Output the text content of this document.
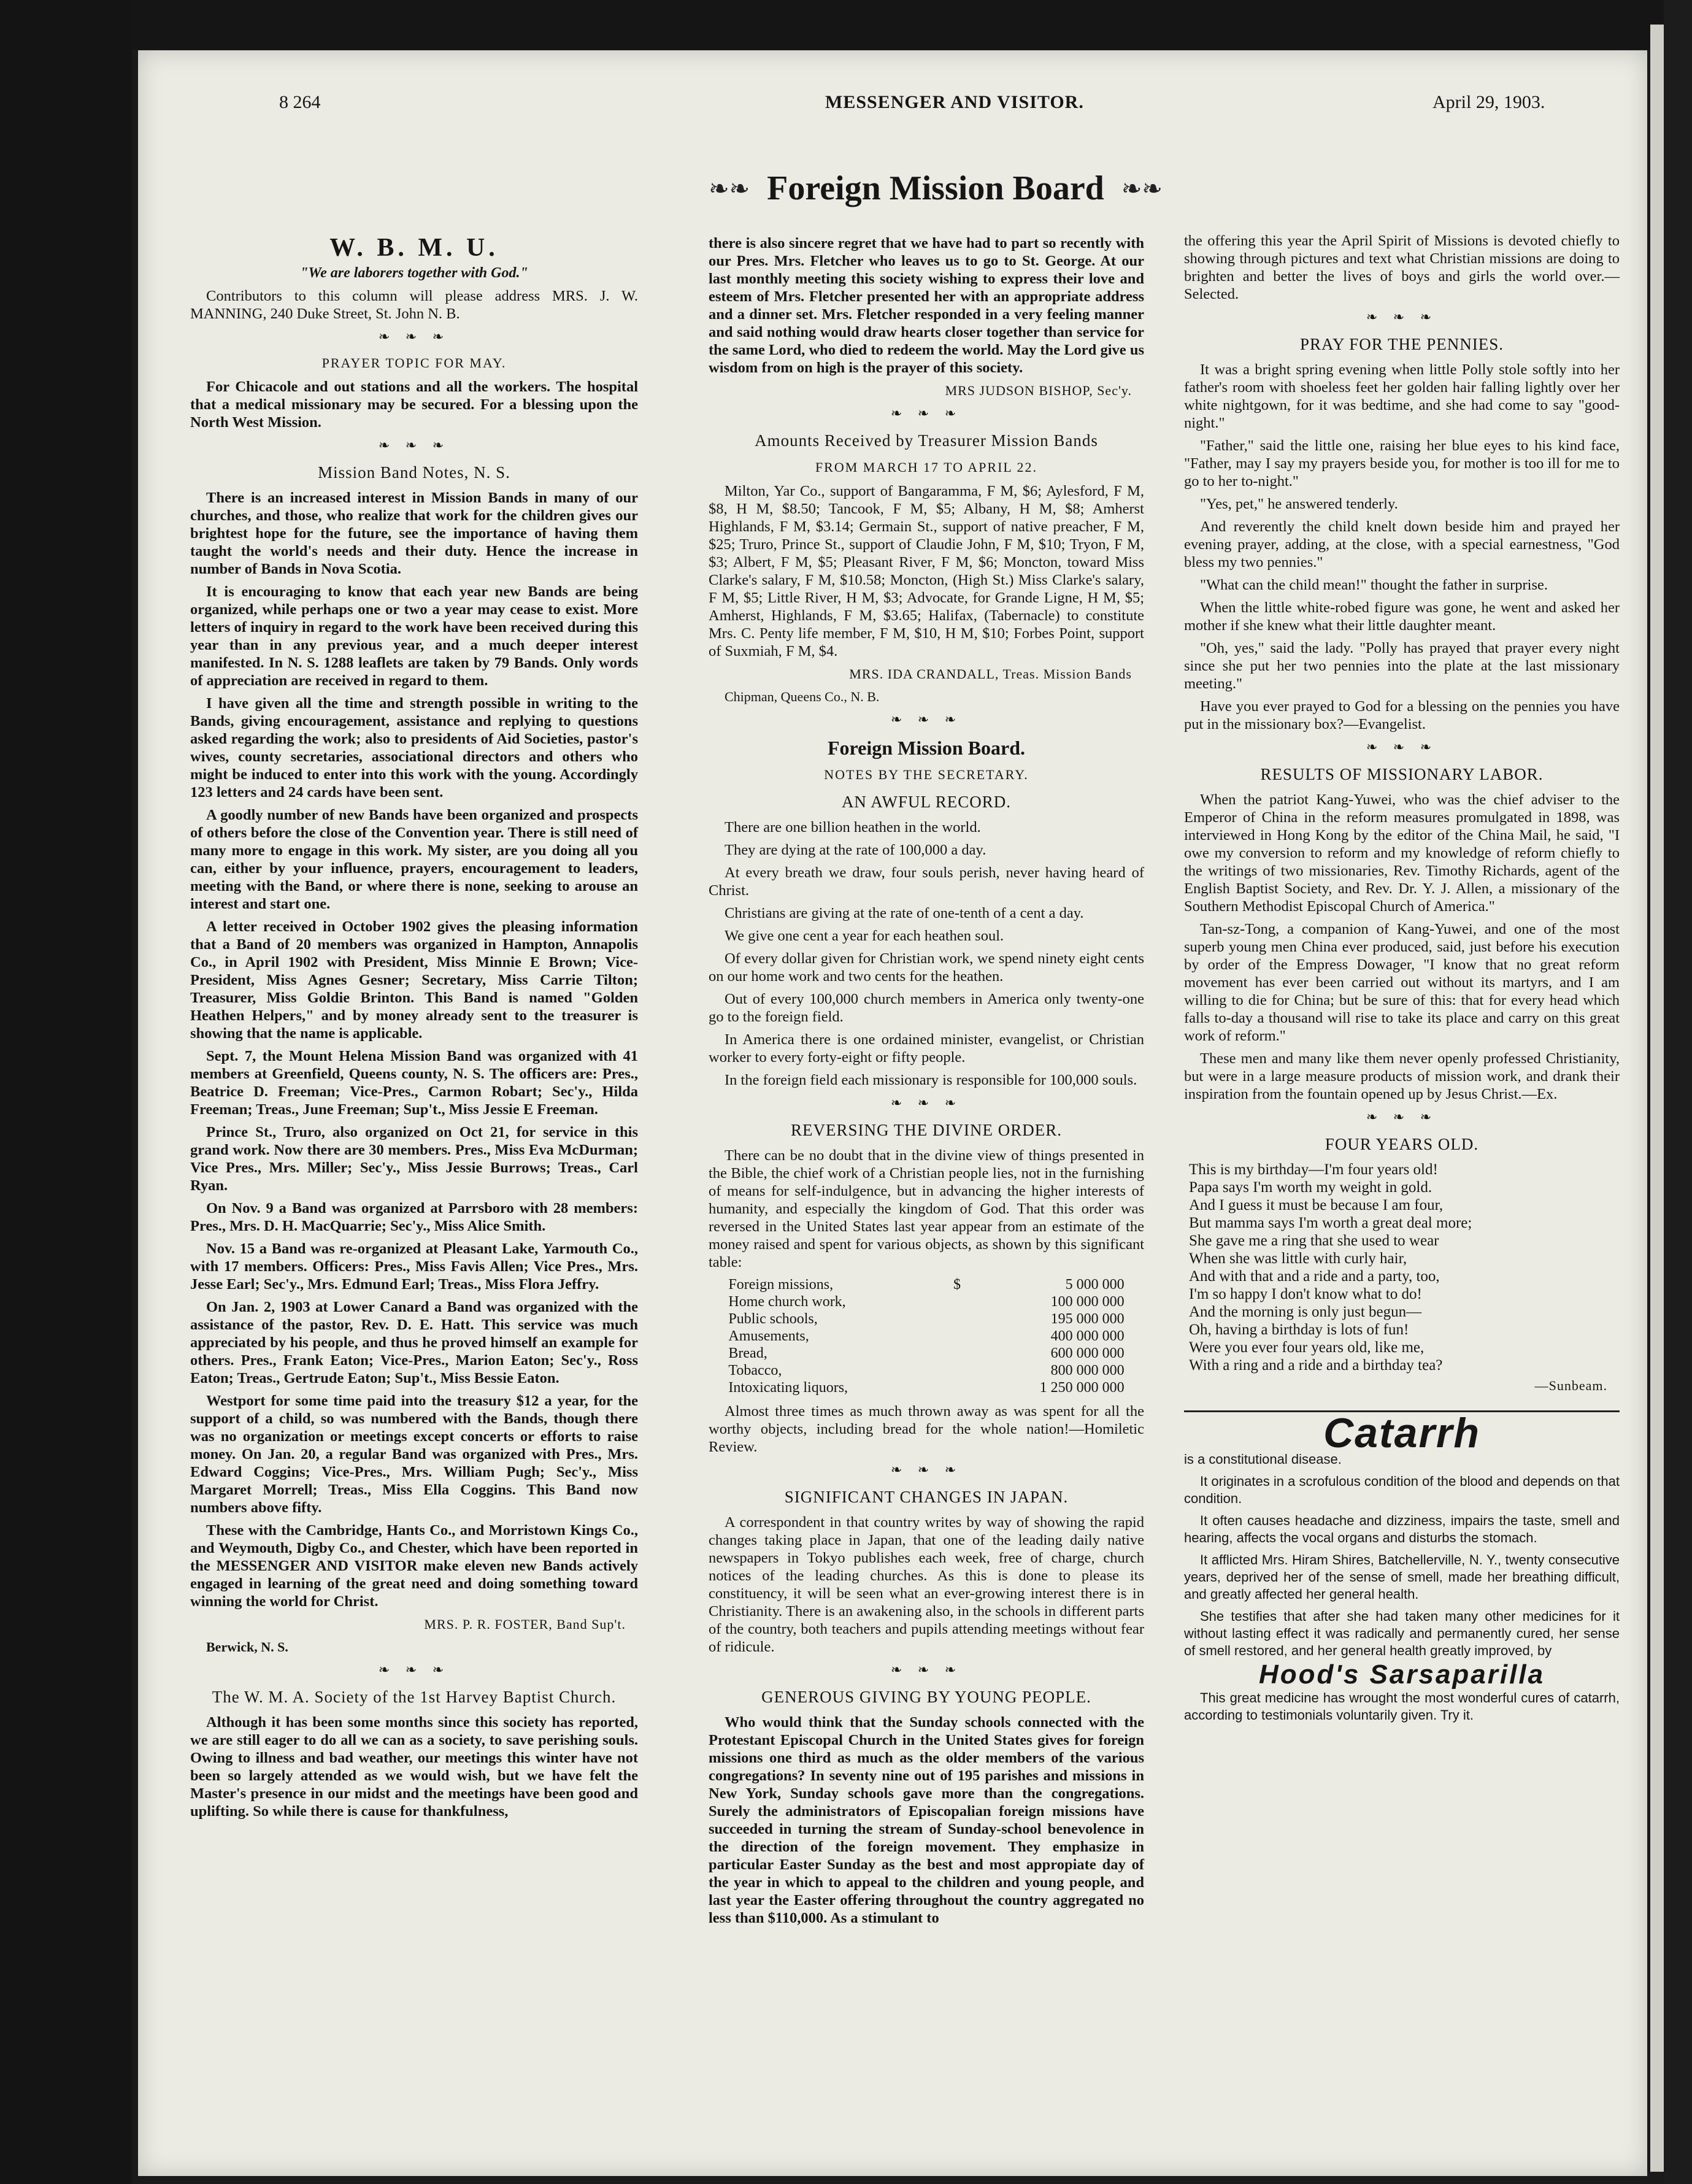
8 264	MESSENGER AND VISITOR.	April 29, 1903.
❧ ❧ Foreign Mission Board ❧ ❧
W. B. M. U.
"We are laborers together with God."

Contributors to this column will please address MRS. J. W. MANNING, 240 Duke Street, St. John N. B.

❧ ❧ ❧
PRAYER TOPIC FOR MAY.

For Chicacole and out stations and all the workers. The hospital that a medical missionary may be secured. For a blessing upon the North West Mission.

❧ ❧ ❧
Mission Band Notes, N. S.

There is an increased interest in Mission Bands in many of our churches, and those, who realize that work for the children gives our brightest hope for the future, see the importance of having them taught the world's needs and their duty. Hence the increase in number of Bands in Nova Scotia.

It is encouraging to know that each year new Bands are being organized, while perhaps one or two a year may cease to exist. More letters of inquiry in regard to the work have been received during this year than in any previous year, and a much deeper interest manifested. In N. S. 1288 leaflets are taken by 79 Bands. Only words of appreciation are received in regard to them.

I have given all the time and strength possible in writing to the Bands, giving encouragement, assistance and replying to questions asked regarding the work; also to presidents of Aid Societies, pastor's wives, county secretaries, associational directors and others who might be induced to enter into this work with the young. Accordingly 123 letters and 24 cards have been sent.

A goodly number of new Bands have been organized and prospects of others before the close of the Convention year. There is still need of many more to engage in this work. My sister, are you doing all you can, either by your influence, prayers, encouragement to leaders, meeting with the Band, or where there is none, seeking to arouse an interest and start one.

A letter received in October 1902 gives the pleasing information that a Band of 20 members was organized in Hampton, Annapolis Co., in April 1902 with President, Miss Minnie E Brown; Vice-President, Miss Agnes Gesner; Secretary, Miss Carrie Tilton; Treasurer, Miss Goldie Brinton. This Band is named "Golden Heathen Helpers," and by money already sent to the treasurer is showing that the name is applicable.

Sept. 7, the Mount Helena Mission Band was organized with 41 members at Greenfield, Queens county, N. S. The officers are: Pres., Beatrice D. Freeman; Vice-Pres., Carmon Robart; Sec'y., Hilda Freeman; Treas., June Freeman; Sup't., Miss Jessie E Freeman.

Prince St., Truro, also organized on Oct 21, for service in this grand work. Now there are 30 members. Pres., Miss Eva McDurman; Vice Pres., Mrs. Miller; Sec'y., Miss Jessie Burrows; Treas., Carl Ryan.

On Nov. 9 a Band was organized at Parrsboro with 28 members: Pres., Mrs. D. H. MacQuarrie; Sec'y., Miss Alice Smith.

Nov. 15 a Band was re-organized at Pleasant Lake, Yarmouth Co., with 17 members. Officers: Pres., Miss Favis Allen; Vice Pres., Mrs. Jesse Earl; Sec'y., Mrs. Edmund Earl; Treas., Miss Flora Jeffry.

On Jan. 2, 1903 at Lower Canard a Band was organized with the assistance of the pastor, Rev. D. E. Hatt. This service was much appreciated by his people, and thus he proved himself an example for others. Pres., Frank Eaton; Vice-Pres., Marion Eaton; Sec'y., Ross Eaton; Treas., Gertrude Eaton; Sup't., Miss Bessie Eaton.

Westport for some time paid into the treasury $12 a year, for the support of a child, so was numbered with the Bands, though there was no organization or meetings except concerts or efforts to raise money. On Jan. 20, a regular Band was organized with Pres., Mrs. Edward Coggins; Vice-Pres., Mrs. William Pugh; Sec'y., Miss Margaret Morrell; Treas., Miss Ella Coggins. This Band now numbers above fifty.

These with the Cambridge, Hants Co., and Morristown Kings Co., and Weymouth, Digby Co., and Chester, which have been reported in the MESSENGER AND VISITOR make eleven new Bands actively engaged in learning of the great need and doing something toward winning the world for Christ.

MRS. P. R. FOSTER, Band Sup't.
Berwick, N. S.
❧ ❧ ❧
The W. M. A. Society of the 1st Harvey Baptist Church.

Although it has been some months since this society has reported, we are still eager to do all we can as a society, to save perishing souls. Owing to illness and bad weather, our meetings this winter have not been so largely attended as we would wish, but we have felt the Master's presence in our midst and the meetings have been good and uplifting. So while there is cause for thankfulness,

there is also sincere regret that we have had to part so recently with our Pres. Mrs. Fletcher who leaves us to go to St. George. At our last monthly meeting this society wishing to express their love and esteem of Mrs. Fletcher presented her with an appropriate address and a dinner set. Mrs. Fletcher responded in a very feeling manner and said nothing would draw hearts closer together than service for the same Lord, who died to redeem the world. May the Lord give us wisdom from on high is the prayer of this society.

MRS JUDSON BISHOP, Sec'y.
❧ ❧ ❧
Amounts Received by Treasurer Mission Bands
FROM MARCH 17 TO APRIL 22.

Milton, Yar Co., support of Bangaramma, F M, $6; Aylesford, F M, $8, H M, $8.50; Tancook, F M, $5; Albany, H M, $8; Amherst Highlands, F M, $3.14; Germain St., support of native preacher, F M, $25; Truro, Prince St., support of Claudie John, F M, $10; Tryon, F M, $3; Albert, F M, $5; Pleasant River, F M, $6; Moncton, toward Miss Clarke's salary, F M, $10.58; Moncton, (High St.) Miss Clarke's salary, F M, $5; Little River, H M, $3; Advocate, for Grande Ligne, H M, $5; Amherst, Highlands, F M, $3.65; Halifax, (Tabernacle) to constitute Mrs. C. Penty life member, F M, $10, H M, $10; Forbes Point, support of Suxmiah, F M, $4.

MRS. IDA CRANDALL, Treas. Mission Bands
Chipman, Queens Co., N. B.
❧ ❧ ❧
Foreign Mission Board.
NOTES BY THE SECRETARY.
AN AWFUL RECORD.

There are one billion heathen in the world.

They are dying at the rate of 100,000 a day.

At every breath we draw, four souls perish, never having heard of Christ.

Christians are giving at the rate of one-tenth of a cent a day.

We give one cent a year for each heathen soul.

Of every dollar given for Christian work, we spend ninety eight cents on our home work and two cents for the heathen.

Out of every 100,000 church members in America only twenty-one go to the foreign field.

In America there is one ordained minister, evangelist, or Christian worker to every forty-eight or fifty people.

In the foreign field each missionary is responsible for 100,000 souls.

❧ ❧ ❧
REVERSING THE DIVINE ORDER.

There can be no doubt that in the divine view of things presented in the Bible, the chief work of a Christian people lies, not in the furnishing of means for self-indulgence, but in advancing the higher interests of humanity, and especially the kingdom of God. That this order was reversed in the United States last year appear from an estimate of the money raised and spent for various objects, as shown by this significant table:

Foreign missions,	$	5 000 000
Home church work,		100 000 000
Public schools,		195 000 000
Amusements,		400 000 000
Bread,		600 000 000
Tobacco,		800 000 000
Intoxicating liquors,		1 250 000 000

Almost three times as much thrown away as was spent for all the worthy objects, including bread for the whole nation!—Homiletic Review.

❧ ❧ ❧
SIGNIFICANT CHANGES IN JAPAN.

A correspondent in that country writes by way of showing the rapid changes taking place in Japan, that one of the leading daily native newspapers in Tokyo publishes each week, free of charge, church notices of the leading churches. As this is done to please its constituency, it will be seen what an ever-growing interest there is in Christianity. There is an awakening also, in the schools in different parts of the country, both teachers and pupils attending meetings without fear of ridicule.

❧ ❧ ❧
GENEROUS GIVING BY YOUNG PEOPLE.

Who would think that the Sunday schools connected with the Protestant Episcopal Church in the United States gives for foreign missions one third as much as the older members of the various congregations? In seventy nine out of 195 parishes and missions in New York, Sunday schools gave more than the congregations. Surely the administrators of Episcopalian foreign missions have succeeded in turning the stream of Sunday-school benevolence in the direction of the foreign movement. They emphasize in particular Easter Sunday as the best and most appropiate day of the year in which to appeal to the children and young people, and last year the Easter offering throughout the country aggregated no less than $110,000. As a stimulant to

the offering this year the April Spirit of Missions is devoted chiefly to showing through pictures and text what Christian missions are doing to brighten and better the lives of boys and girls the world over.—Selected.

❧ ❧ ❧
PRAY FOR THE PENNIES.

It was a bright spring evening when little Polly stole softly into her father's room with shoeless feet her golden hair falling lightly over her white nightgown, for it was bedtime, and she had come to say "good-night."

"Father," said the little one, raising her blue eyes to his kind face, "Father, may I say my prayers beside you, for mother is too ill for me to go to her to-night."

"Yes, pet," he answered tenderly.

And reverently the child knelt down beside him and prayed her evening prayer, adding, at the close, with a special earnestness, "God bless my two pennies."

"What can the child mean!" thought the father in surprise.

When the little white-robed figure was gone, he went and asked her mother if she knew what their little daughter meant.

"Oh, yes," said the lady. "Polly has prayed that prayer every night since she put her two pennies into the plate at the last missionary meeting."

Have you ever prayed to God for a blessing on the pennies you have put in the missionary box?—Evangelist.

❧ ❧ ❧
RESULTS OF MISSIONARY LABOR.

When the patriot Kang-Yuwei, who was the chief adviser to the Emperor of China in the reform measures promulgated in 1898, was interviewed in Hong Kong by the editor of the China Mail, he said, "I owe my conversion to reform and my knowledge of reform chiefly to the writings of two missionaries, Rev. Timothy Richards, agent of the English Baptist Society, and Rev. Dr. Y. J. Allen, a missionary of the Southern Methodist Episcopal Church of America."

Tan-sz-Tong, a companion of Kang-Yuwei, and one of the most superb young men China ever produced, said, just before his execution by order of the Empress Dowager, "I know that no great reform movement has ever been carried out without its martyrs, and I am willing to die for China; but be sure of this: that for every head which falls to-day a thousand will rise to take its place and carry on this great work of reform."

These men and many like them never openly professed Christianity, but were in a large measure products of mission work, and drank their inspiration from the fountain opened up by Jesus Christ.—Ex.

❧ ❧ ❧
FOUR YEARS OLD.
This is my birthday—I'm four years old!
Papa says I'm worth my weight in gold.
And I guess it must be because I am four,
But mamma says I'm worth a great deal more;
She gave me a ring that she used to wear
When she was little with curly hair,
And with that and a ride and a party, too,
I'm so happy I don't know what to do!
And the morning is only just begun—
Oh, having a birthday is lots of fun!
Were you ever four years old, like me,
With a ring and a ride and a birthday tea?
—Sunbeam.
Catarrh

is a constitutional disease.

It originates in a scrofulous condition of the blood and depends on that condition.

It often causes headache and dizziness, impairs the taste, smell and hearing, affects the vocal organs and disturbs the stomach.

It afflicted Mrs. Hiram Shires, Batchellerville, N. Y., twenty consecutive years, deprived her of the sense of smell, made her breathing difficult, and greatly affected her general health.

She testifies that after she had taken many other medicines for it without lasting effect it was radically and permanently cured, her sense of smell restored, and her general health greatly improved, by

Hood's Sarsaparilla

This great medicine has wrought the most wonderful cures of catarrh, according to testimonials voluntarily given. Try it.
